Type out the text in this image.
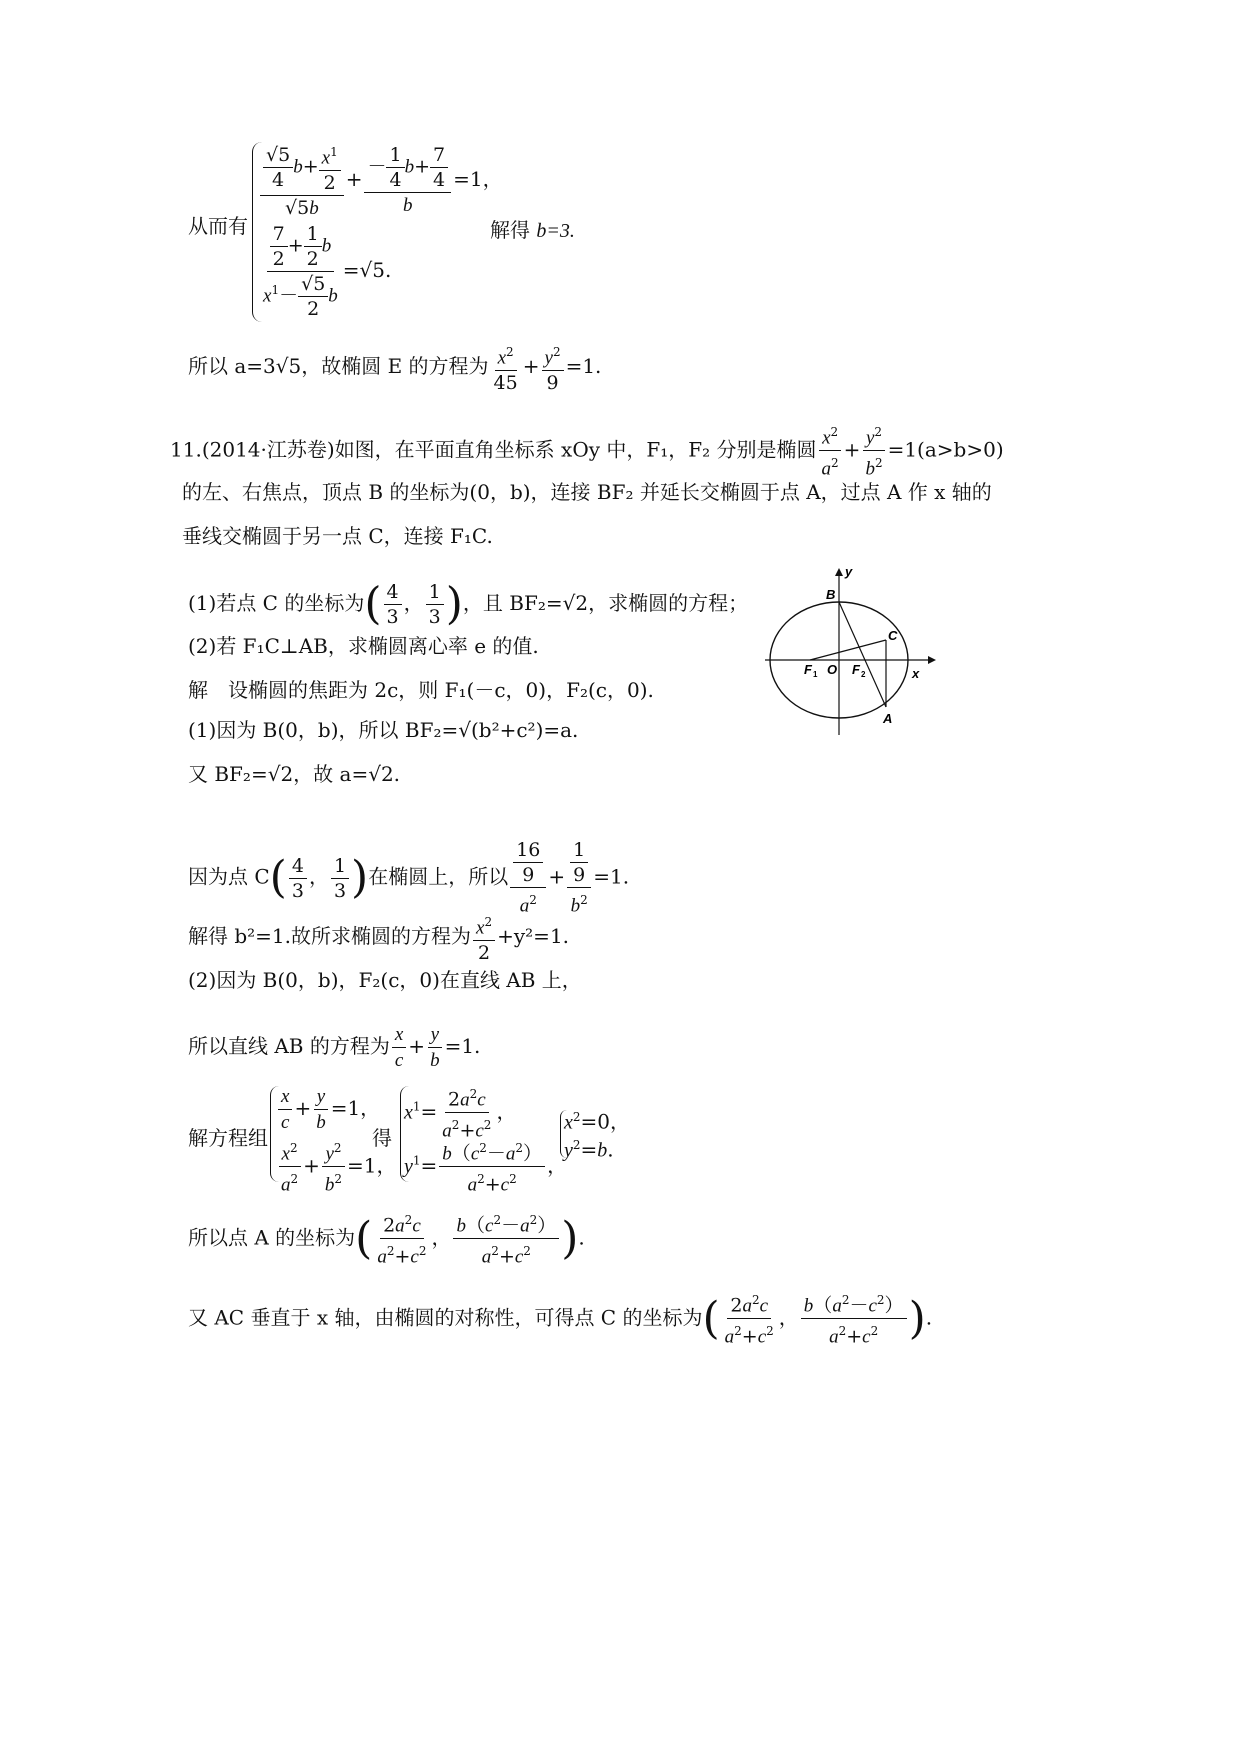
从而有
$\frac{\frac{√5}{4} b+ \frac{x^1}{2}}{√5b} + \frac{- \frac{1}{4} b+ \frac{7}{4}}{b} =1$，
$\frac{\frac{7}{2} + \frac{1}{2} b}{x^1- \frac{√5}{2} b} =√5$.
解得 b=3.
所以 a=3√5，故椭圆 E 的方程为 $\frac{x^2}{45} + \frac{y^2}{9} =1$.
11.(2014·江苏卷)如图，在平面直角坐标系 xOy 中，F₁，F₂ 分别是椭圆 $\frac{x^2}{a^2} + \frac{y^2}{b^2} =1(a>b>0)$
的左、右焦点，顶点 B 的坐标为(0，b)，连接 BF₂ 并延长交椭圆于点 A，过点 A 作 x 轴的
垂线交椭圆于另一点 C，连接 F₁C.
(1)若点 C 的坐标为( $\frac{4}{3}$ ， $\frac{1}{3}$ )，且 BF₂=√2，求椭圆的方程；
(2)若 F₁C⊥AB，求椭圆离心率 e 的值.
y
x
B
C
A
O
F 1	F 2
解　设椭圆的焦距为 2c，则 F₁(－c，0)，F₂(c，0).
(1)因为 B(0，b)，所以 BF₂=√(b²+c²)=a.
又 BF₂=√2，故 a=√2.
因为点 $C( \frac{4}{3}$ ， $\frac{1}{3}$ )在椭圆上，所以 $\frac{\frac{16}{9}}{a^2} + \frac{\frac{1}{9}}{b^2} =1$.
解得 b²=1.故所求椭圆的方程为 $\frac{x^2}{2} +y^2=1$.
(2)因为 B(0，b)，F₂(c，0)在直线 AB 上，
所以直线 AB 的方程为 $\frac{x}{c} + \frac{y}{b} =1$.
解方程组
$\frac{x}{c} + \frac{y}{b} =1$，
$\frac{x^2}{a^2} + \frac{y^2}{b^2} =1$，
得
$x^1= \frac{2a^2c}{a^2+c^2}$ ，
$y^1= \frac{b(c^2-a^2)}{a^2+c^2}$ ，
$x^2=0$，
$y^2=b$.
所以点 A 的坐标为( $\frac{2a^2c}{a^2+c^2}$ ， $\frac{b(c^2-a^2)}{a^2+c^2}$ ).
又 AC 垂直于 x 轴，由椭圆的对称性，可得点 C 的坐标为( $\frac{2a^2c}{a^2+c^2}$ ， $\frac{b(a^2-c^2)}{a^2+c^2}$ ).
